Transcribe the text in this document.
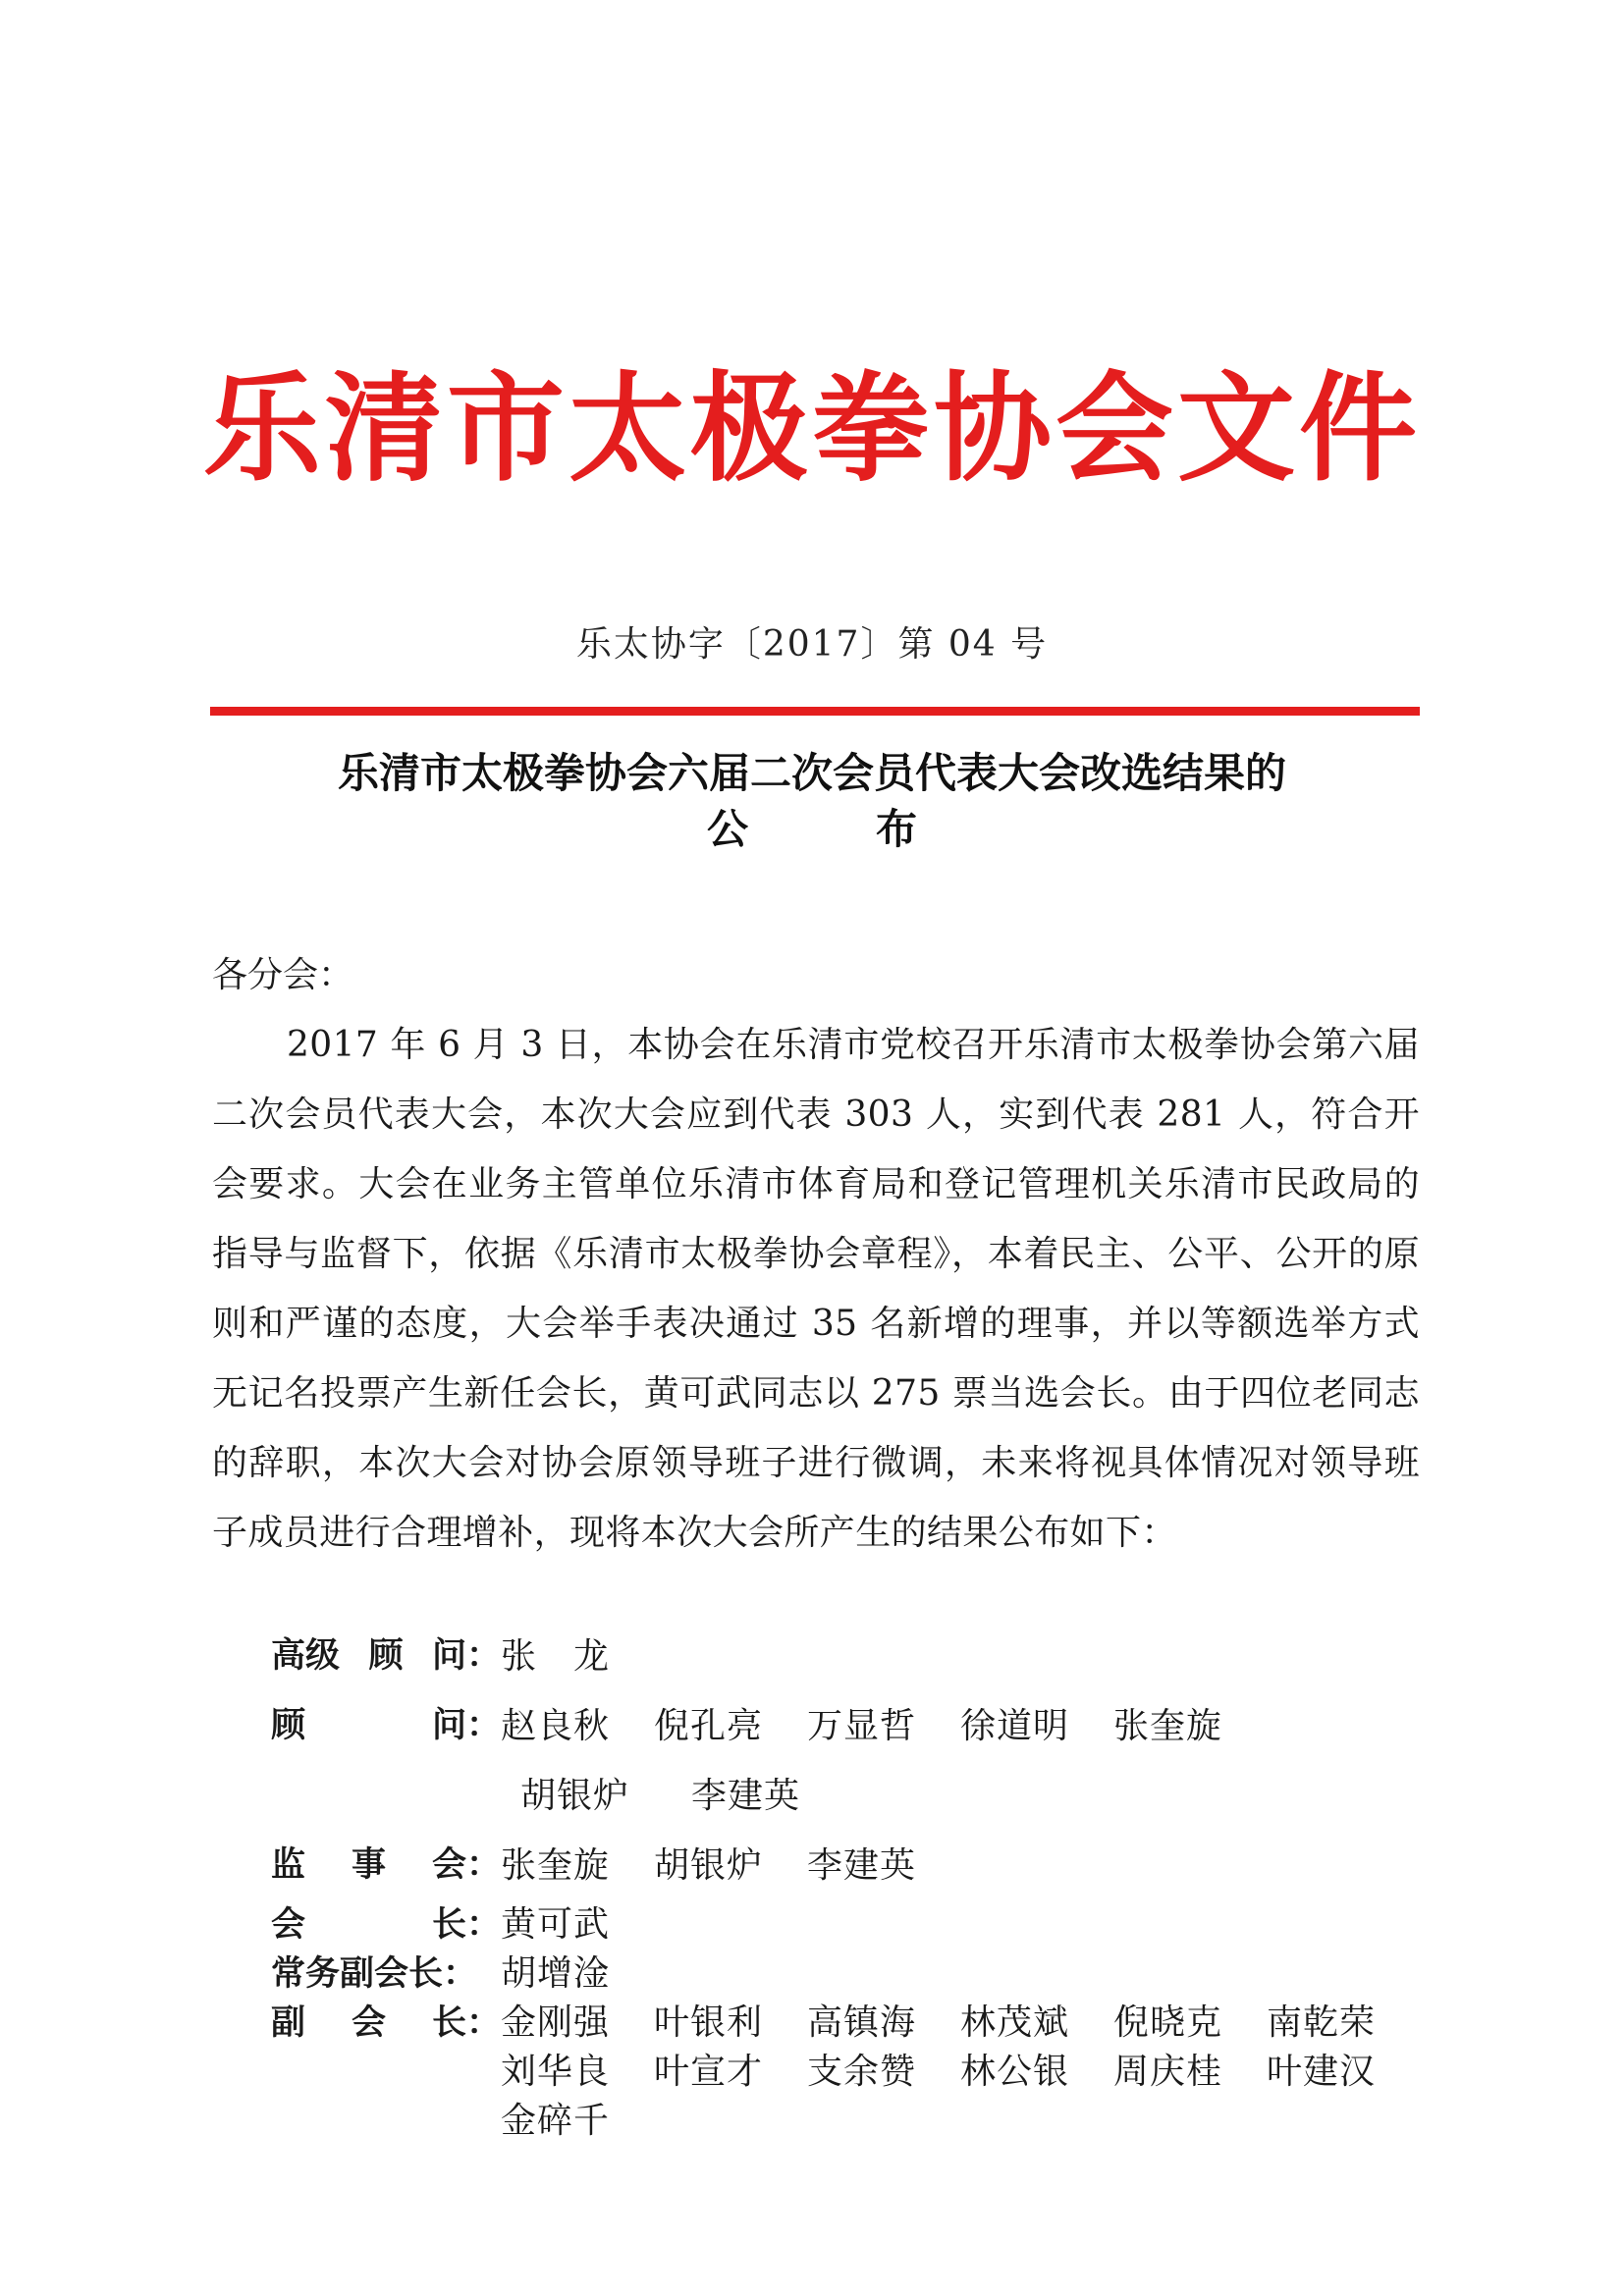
乐清市太极拳协会文件
乐太协字〔2017〕第 04 号
乐清市太极拳协会六届二次会员代表大会改选结果的
公	布

各分会：

2017 年 6 月 3 日，本协会在乐清市党校召开乐清市太极拳协会第六届二次会员代表大会，本次大会应到代表 303 人，实到代表 281 人，符合开会要求。大会在业务主管单位乐清市体育局和登记管理机关乐清市民政局的指导与监督下，依据《乐清市太极拳协会章程》，本着民主、公平、公开的原则和严谨的态度，大会举手表决通过 35 名新增的理事，并以等额选举方式无记名投票产生新任会长，黄可武同志以 275 票当选会长。由于四位老同志的辞职，本次大会对协会原领导班子进行微调，未来将视具体情况对领导班子成员进行合理增补，现将本次大会所产生的结果公布如下：

高级 顾 问： 张　龙
顾	问： 赵良秋	倪孔亮	万显哲	徐道明	张奎旋
胡银炉	李建英
监 事 会： 张奎旋	胡银炉	李建英
会	长： 黄可武
常务副会长： 胡增淦
副 会 长： 金刚强	叶银利	高镇海	林茂斌	倪晓克	南乾荣
刘华良	叶宣才	支余赞	林公银	周庆桂	叶建汉
金碎千
